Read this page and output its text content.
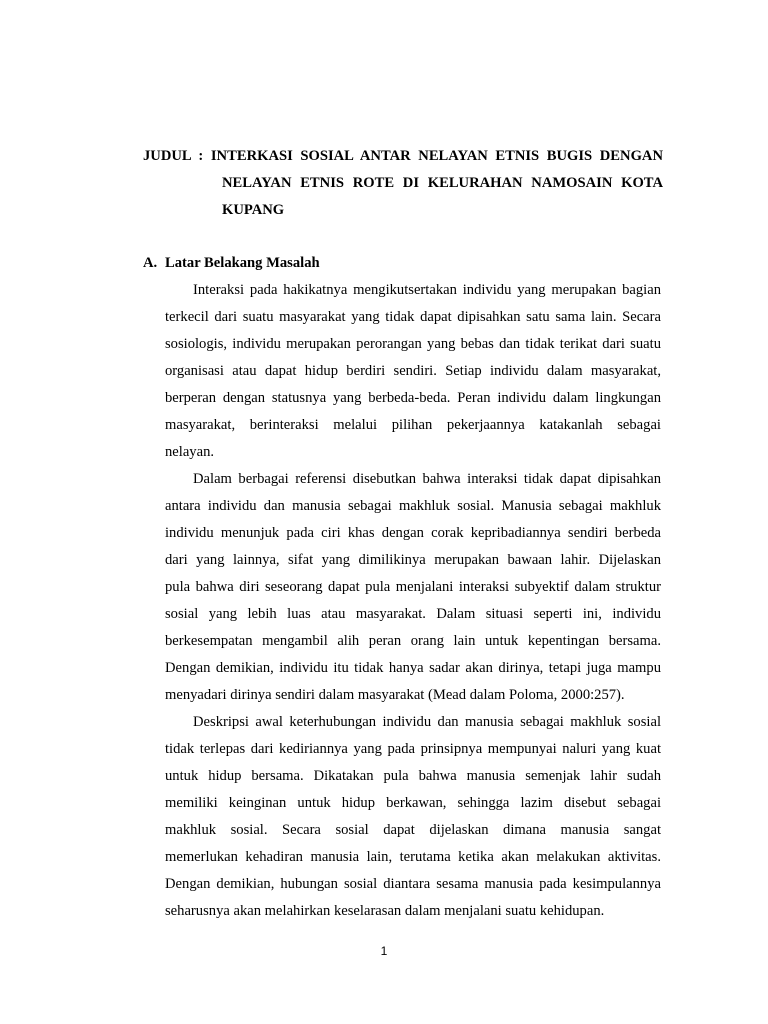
JUDUL : INTERKASI SOSIAL ANTAR NELAYAN ETNIS BUGIS DENGAN
NELAYAN ETNIS ROTE DI KELURAHAN NAMOSAIN KOTA
KUPANG
A. Latar Belakang Masalah
Interaksi pada hakikatnya mengikutsertakan individu yang merupakan bagian
terkecil dari suatu masyarakat yang tidak dapat dipisahkan satu sama lain. Secara
sosiologis, individu merupakan perorangan yang bebas dan tidak terikat dari suatu
organisasi atau dapat hidup berdiri sendiri. Setiap individu dalam masyarakat,
berperan dengan statusnya yang berbeda-beda. Peran individu dalam lingkungan
masyarakat, berinteraksi melalui pilihan pekerjaannya katakanlah sebagai
nelayan.
Dalam berbagai referensi disebutkan bahwa interaksi tidak dapat dipisahkan
antara individu dan manusia sebagai makhluk sosial. Manusia sebagai makhluk
individu menunjuk pada ciri khas dengan corak kepribadiannya sendiri berbeda
dari yang lainnya, sifat yang dimilikinya merupakan bawaan lahir. Dijelaskan
pula bahwa diri seseorang dapat pula menjalani interaksi subyektif dalam struktur
sosial yang lebih luas atau masyarakat. Dalam situasi seperti ini, individu
berkesempatan mengambil alih peran orang lain untuk kepentingan bersama.
Dengan demikian, individu itu tidak hanya sadar akan dirinya, tetapi juga mampu
menyadari dirinya sendiri dalam masyarakat (Mead dalam Poloma, 2000:257).
Deskripsi awal keterhubungan individu dan manusia sebagai makhluk sosial
tidak terlepas dari kediriannya yang pada prinsipnya mempunyai naluri yang kuat
untuk hidup bersama. Dikatakan pula bahwa manusia semenjak lahir sudah
memiliki keinginan untuk hidup berkawan, sehingga lazim disebut sebagai
makhluk sosial. Secara sosial dapat dijelaskan dimana manusia sangat
memerlukan kehadiran manusia lain, terutama ketika akan melakukan aktivitas.
Dengan demikian, hubungan sosial diantara sesama manusia pada kesimpulannya
seharusnya akan melahirkan keselarasan dalam menjalani suatu kehidupan.
1
